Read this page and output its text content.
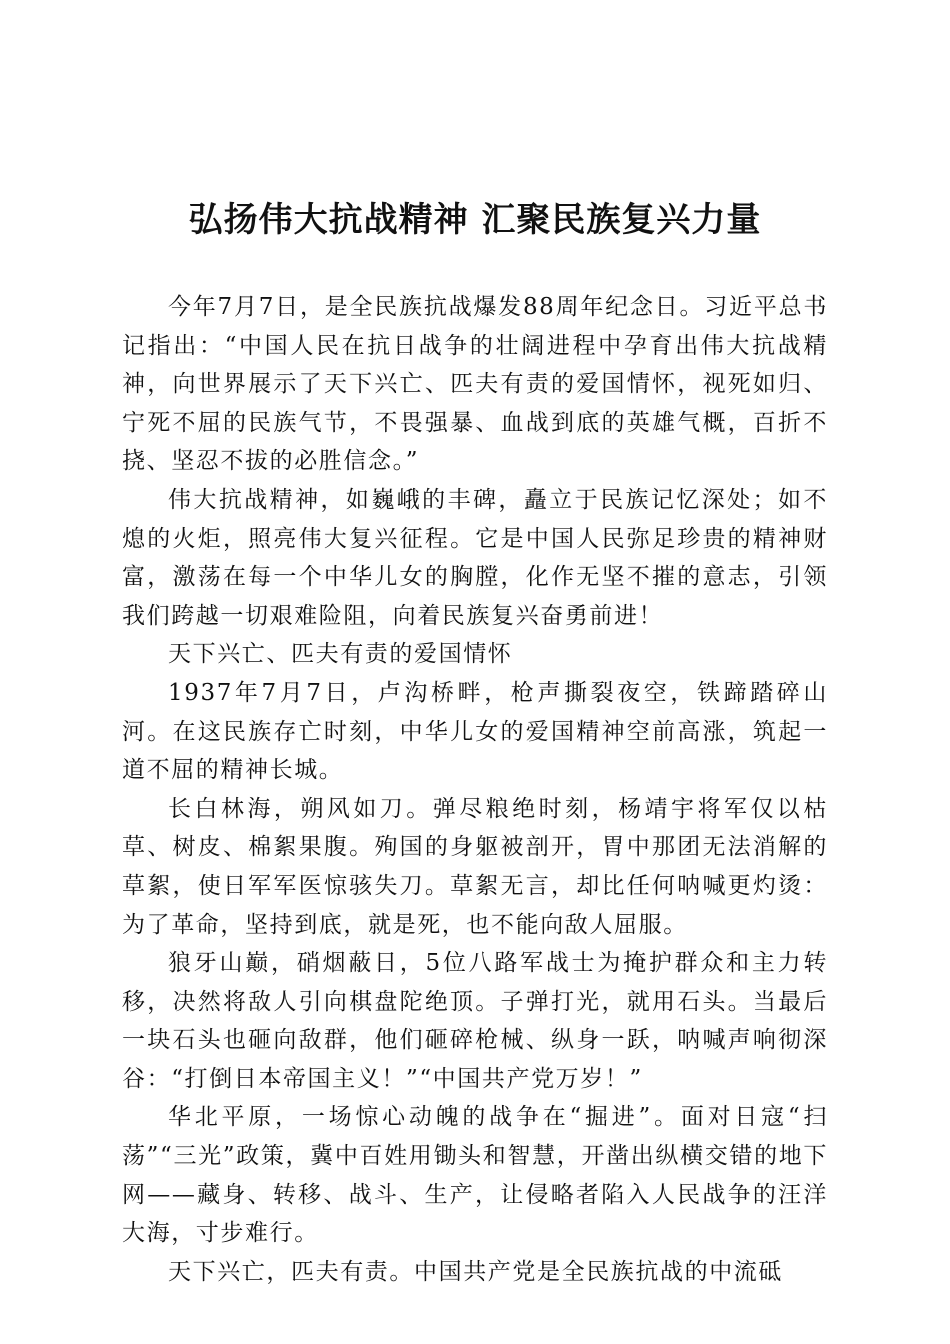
弘扬伟大抗战精神 汇聚民族复兴力量

今年7月7日，是全民族抗战爆发88周年纪念日。习近平总书记指出：“中国人民在抗日战争的壮阔进程中孕育出伟大抗战精神，向世界展示了天下兴亡、匹夫有责的爱国情怀，视死如归、宁死不屈的民族气节，不畏强暴、血战到底的英雄气概，百折不挠、坚忍不拔的必胜信念。”

伟大抗战精神，如巍峨的丰碑，矗立于民族记忆深处；如不熄的火炬，照亮伟大复兴征程。它是中国人民弥足珍贵的精神财富，激荡在每一个中华儿女的胸膛，化作无坚不摧的意志，引领我们跨越一切艰难险阻，向着民族复兴奋勇前进！

天下兴亡、匹夫有责的爱国情怀

1937年7月7日，卢沟桥畔，枪声撕裂夜空，铁蹄踏碎山河。在这民族存亡时刻，中华儿女的爱国精神空前高涨，筑起一道不屈的精神长城。

长白林海，朔风如刀。弹尽粮绝时刻，杨靖宇将军仅以枯草、树皮、棉絮果腹。殉国的身躯被剖开，胃中那团无法消解的草絮，使日军军医惊骇失刀。草絮无言，却比任何呐喊更灼烫：为了革命，坚持到底，就是死，也不能向敌人屈服。

狼牙山巅，硝烟蔽日，5位八路军战士为掩护群众和主力转移，决然将敌人引向棋盘陀绝顶。子弹打光，就用石头。当最后一块石头也砸向敌群，他们砸碎枪械、纵身一跃，呐喊声响彻深谷：“打倒日本帝国主义！”“中国共产党万岁！”

华北平原，一场惊心动魄的战争在“掘进”。面对日寇“扫荡”“三光”政策，冀中百姓用锄头和智慧，开凿出纵横交错的地下网——藏身、转移、战斗、生产，让侵略者陷入人民战争的汪洋大海，寸步难行。

天下兴亡，匹夫有责。中国共产党是全民族抗战的中流砥
